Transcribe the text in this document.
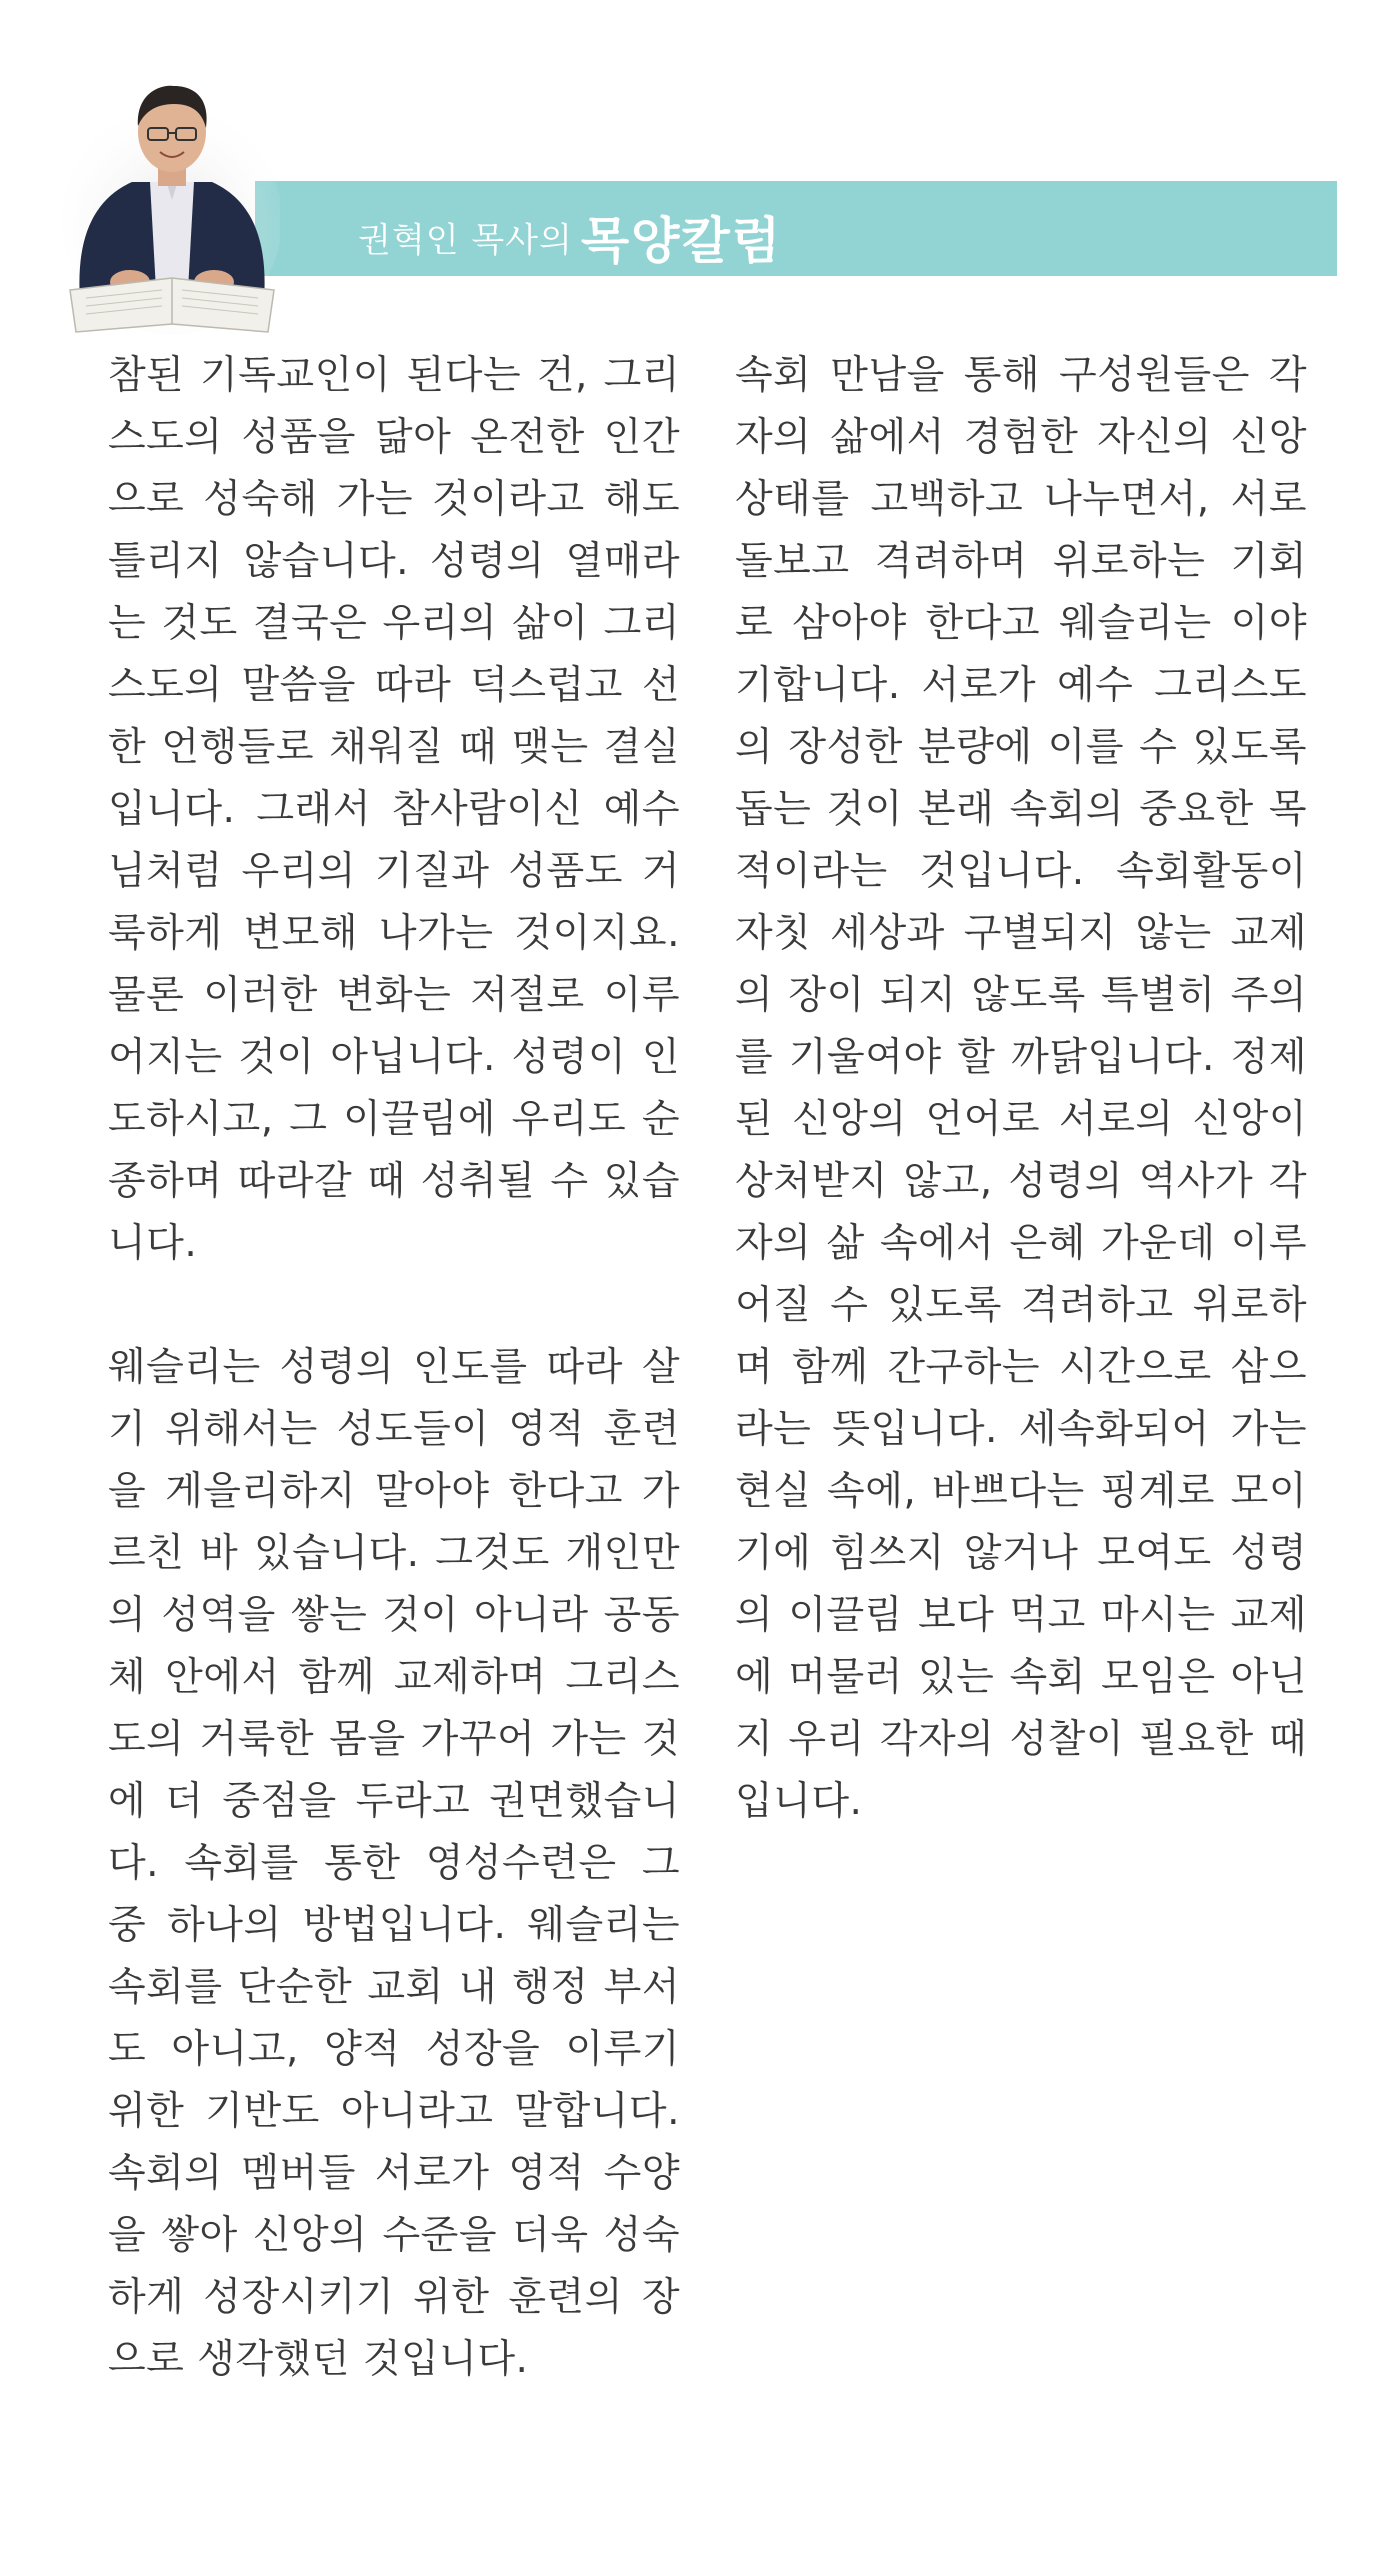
권혁인 목사의 목양칼럼

참된 기독교인이 된다는 건, 그리스도의 성품을 닮아 온전한 인간으로 성숙해 가는 것이라고 해도 틀리지 않습니다. 성령의 열매라는 것도 결국은 우리의 삶이 그리스도의 말씀을 따라 덕스럽고 선한 언행들로 채워질 때 맺는 결실입니다. 그래서 참사람이신 예수님처럼 우리의 기질과 성품도 거룩하게 변모해 나가는 것이지요. 물론 이러한 변화는 저절로 이루어지는 것이 아닙니다. 성령이 인도하시고, 그 이끌림에 우리도 순종하며 따라갈 때 성취될 수 있습니다.

웨슬리는 성령의 인도를 따라 살기 위해서는 성도들이 영적 훈련을 게을리하지 말아야 한다고 가르친 바 있습니다. 그것도 개인만의 성역을 쌓는 것이 아니라 공동체 안에서 함께 교제하며 그리스도의 거룩한 몸을 가꾸어 가는 것에 더 중점을 두라고 권면했습니다. 속회를 통한 영성수련은 그 중 하나의 방법입니다. 웨슬리는 속회를 단순한 교회 내 행정 부서도 아니고, 양적 성장을 이루기 위한 기반도 아니라고 말합니다. 속회의 멤버들 서로가 영적 수양을 쌓아 신앙의 수준을 더욱 성숙하게 성장시키기 위한 훈련의 장으로 생각했던 것입니다.

속회 만남을 통해 구성원들은 각자의 삶에서 경험한 자신의 신앙 상태를 고백하고 나누면서, 서로 돌보고 격려하며 위로하는 기회로 삼아야 한다고 웨슬리는 이야기합니다. 서로가 예수 그리스도의 장성한 분량에 이를 수 있도록 돕는 것이 본래 속회의 중요한 목적이라는 것입니다. 속회활동이 자칫 세상과 구별되지 않는 교제의 장이 되지 않도록 특별히 주의를 기울여야 할 까닭입니다. 정제된 신앙의 언어로 서로의 신앙이 상처받지 않고, 성령의 역사가 각자의 삶 속에서 은혜 가운데 이루어질 수 있도록 격려하고 위로하며 함께 간구하는 시간으로 삼으라는 뜻입니다. 세속화되어 가는 현실 속에, 바쁘다는 핑계로 모이기에 힘쓰지 않거나 모여도 성령의 이끌림 보다 먹고 마시는 교제에 머물러 있는 속회 모임은 아닌지 우리 각자의 성찰이 필요한 때입니다.
